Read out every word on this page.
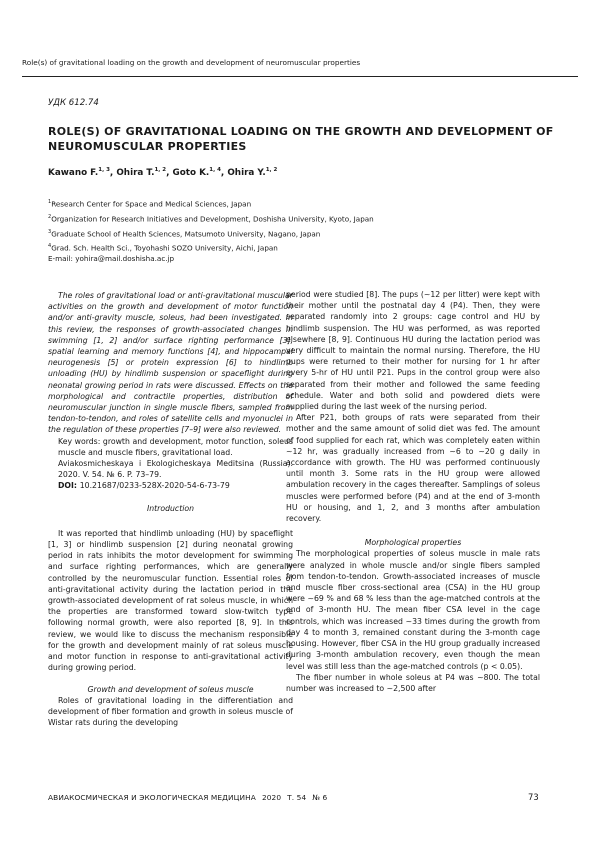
Role(s) of gravitational loading on the growth and development of neuromuscular properties
УДК 612.74
ROLE(S) OF GRAVITATIONAL LOADING ON THE GROWTH AND DEVELOPMENT OF NEUROMUSCULAR PROPERTIES
Kawano F.$^{1, 3}$, Ohira T.$^{1, 2}$, Goto K.$^{1, 4}$, Ohira Y.$^{1, 2}$
$^1$Research Center for Space and Medical Sciences, Japan
$^2$Organization for Research Initiatives and Development, Doshisha University, Kyoto, Japan
$^3$Graduate School of Health Sciences, Matsumoto University, Nagano, Japan
$^4$Grad. Sch. Health Sci., Toyohashi SOZO University, Aichi, Japan
E-mail: yohira@mail.doshisha.ac.jp

The roles of gravitational load or anti-gravitational muscular activities on the growth and development of motor function and/or anti-gravity muscle, soleus, had been investigated. In this review, the responses of growth-associated changes in swimming [1, 2] and/or surface righting performance [3], spatial learning and memory functions [4], and hippocampal neurogenesis [5] or protein expression [6] to hindlimb unloading (HU) by hindlimb suspension or spaceflight during neonatal growing period in rats were discussed. Effects on the morphological and contractile properties, distribution of neuromuscular junction in single muscle fibers, sampled from tendon-to-tendon, and roles of satellite cells and myonuclei in the regulation of these properties [7–9] were also reviewed.

Key words: growth and development, motor function, soleus muscle and muscle fibers, gravitational load.

Aviakosmicheskaya i Ekologicheskaya Meditsina (Russia). 2020. V. 54. № 6. P. 73–79.

DOI: 10.21687/0233-528X-2020-54-6-73-79

Introduction

It was reported that hindlimb unloading (HU) by spaceflight [1, 3] or hindlimb suspension [2] during neonatal growing period in rats inhibits the motor development for swimming and surface righting performances, which are generally controlled by the neuromuscular function. Essential roles of anti-gravitational activity during the lactation period in the growth-associated development of rat soleus muscle, in which the properties are transformed toward slow-twitch type following normal growth, were also reported [8, 9]. In this review, we would like to discuss the mechanism responsible for the growth and development mainly of rat soleus muscle and motor function in response to anti-gravitational activity during growing period.

Growth and development of soleus muscle

Roles of gravitational loading in the differentiation and development of fiber formation and growth in soleus muscle of Wistar rats during the developing

period were studied [8]. The pups (~12 per litter) were kept with their mother until the postnatal day 4 (P4). Then, they were separated randomly into 2 groups: cage control and HU by hindlimb suspension. The HU was performed, as was reported elsewhere [8, 9]. Continuous HU during the lactation period was very difficult to maintain the normal nursing. Therefore, the HU pups were returned to their mother for nursing for 1 hr after every 5-hr of HU until P21. Pups in the control group were also separated from their mother and followed the same feeding schedule. Water and both solid and powdered diets were supplied during the last week of the nursing period.

After P21, both groups of rats were separated from their mother and the same amount of solid diet was fed. The amount of food supplied for each rat, which was completely eaten within ~12 hr, was gradually increased from ~6 to ~20 g daily in accordance with growth. The HU was performed continuously until month 3. Some rats in the HU group were allowed ambulation recovery in the cages thereafter. Samplings of soleus muscles were performed before (P4) and at the end of 3-month HU or housing, and 1, 2, and 3 months after ambulation recovery.

Morphological properties

The morphological properties of soleus muscle in male rats were analyzed in whole muscle and/or single fibers sampled from tendon-to-tendon. Growth-associated increases of muscle and muscle fiber cross-sectional area (CSA) in the HU group were ~69 % and 68 % less than the age-matched controls at the end of 3-month HU. The mean fiber CSA level in the cage controls, which was increased ~33 times during the growth from day 4 to month 3, remained constant during the 3-month cage housing. However, fiber CSA in the HU group gradually increased during 3-month ambulation recovery, even though the mean level was still less than the age-matched controls (p < 0.05).

The fiber number in whole soleus at P4 was ~800. The total number was increased to ~2,500 after

АВИАКОСМИЧЕСКАЯ И ЭКОЛОГИЧЕСКАЯ МЕДИЦИНА 2020 Т. 54 № 6	73
